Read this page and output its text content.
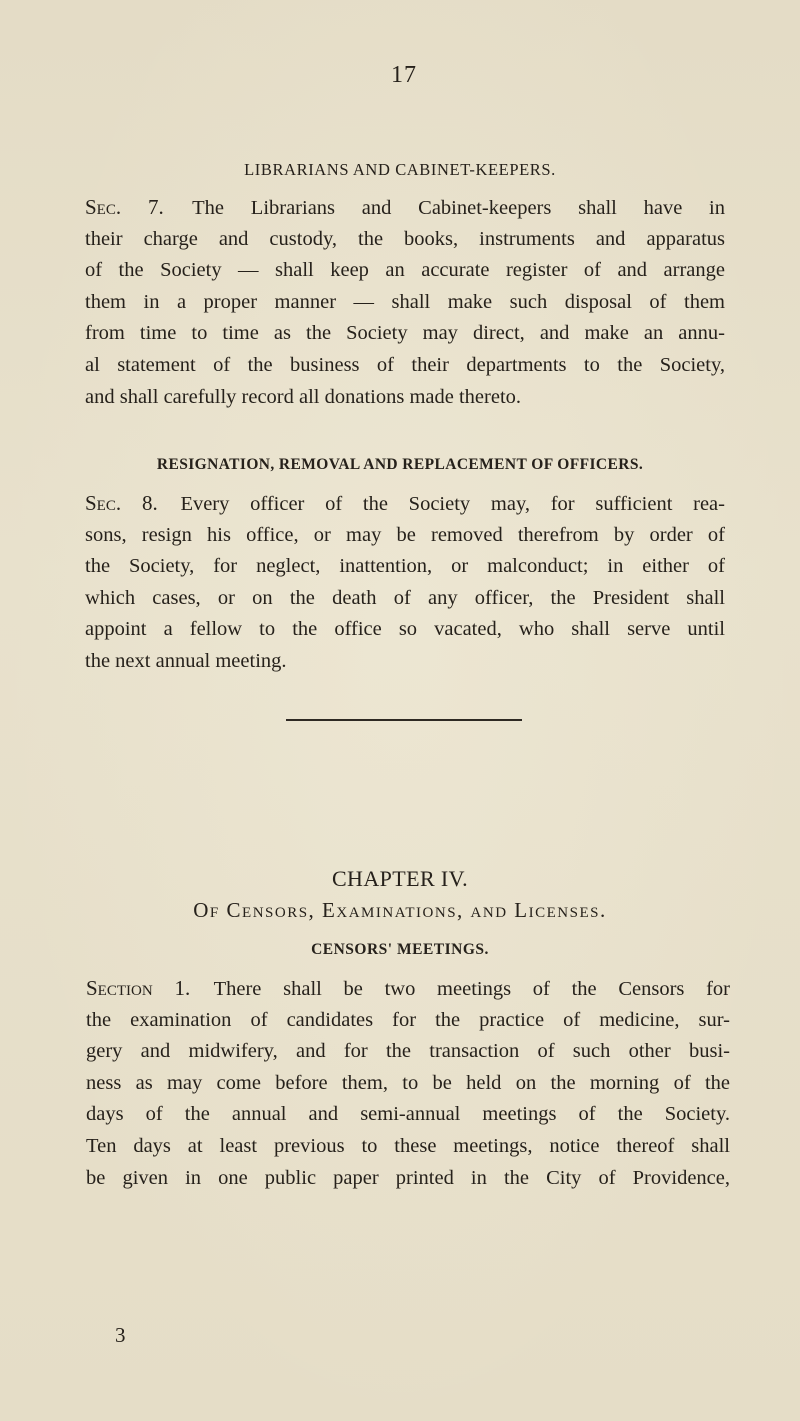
17
LIBRARIANS AND CABINET-KEEPERS.
Sec. 7. The Librarians and Cabinet-keepers shall have in
their charge and custody, the books, instruments and apparatus
of the Society — shall keep an accurate register of and arrange
them in a proper manner — shall make such disposal of them
from time to time as the Society may direct, and make an annu-
al statement of the business of their departments to the Society,
and shall carefully record all donations made thereto.
RESIGNATION, REMOVAL AND REPLACEMENT OF OFFICERS.
Sec. 8. Every officer of the Society may, for sufficient rea-
sons, resign his office, or may be removed therefrom by order of
the Society, for neglect, inattention, or malconduct; in either of
which cases, or on the death of any officer, the President shall
appoint a fellow to the office so vacated, who shall serve until
the next annual meeting.
CHAPTER IV.
Of Censors, Examinations, and Licenses.
CENSORS' MEETINGS.
Section 1. There shall be two meetings of the Censors for
the examination of candidates for the practice of medicine, sur-
gery and midwifery, and for the transaction of such other busi-
ness as may come before them, to be held on the morning of the
days of the annual and semi-annual meetings of the Society.
Ten days at least previous to these meetings, notice thereof shall
be given in one public paper printed in the City of Providence,
3
